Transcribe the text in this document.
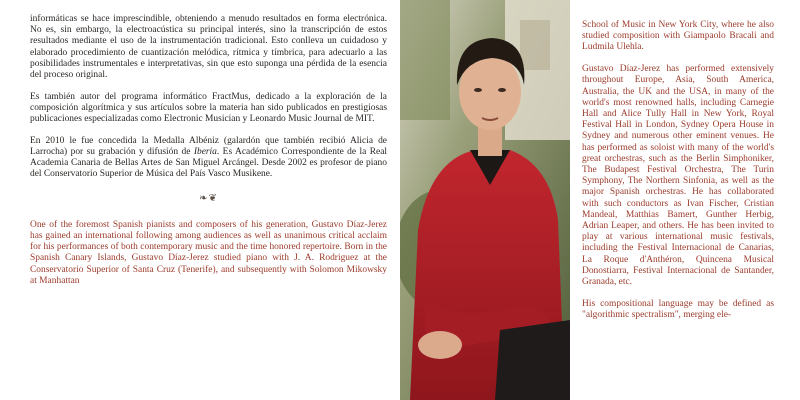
informáticas se hace imprescindible, obteniendo a menudo resultados en forma electrónica. No es, sin embargo, la electroacústica su principal interés, sino la transcripción de estos resultados mediante el uso de la instrumentación tradicional. Esto conlleva un cuidadoso y elaborado procedimiento de cuantización melódica, rítmica y tímbrica, para adecuarlo a las posibilidades instrumentales e interpretativas, sin que esto suponga una pérdida de la esencia del proceso original.

Es también autor del programa informático FractMus, dedicado a la exploración de la composición algorítmica y sus artículos sobre la materia han sido publicados en prestigiosas publicaciones especializadas como Electronic Musician y Leonardo Music Journal de MIT.

En 2010 le fue concedida la Medalla Albéniz (galardón que también recibió Alicia de Larrocha) por su grabación y difusión de Iberia. Es Académico Correspondiente de la Real Academia Canaria de Bellas Artes de San Miguel Arcángel. Desde 2002 es profesor de piano del Conservatorio Superior de Música del País Vasco Musikene.

❧❦

One of the foremost Spanish pianists and composers of his generation, Gustavo Díaz-Jerez has gained an international following among audiences as well as unanimous critical acclaim for his performances of both contemporary music and the time honored repertoire. Born in the Spanish Canary Islands, Gustavo Díaz-Jerez studied piano with J. A. Rodriguez at the Conservatorio Superior of Santa Cruz (Tenerife), and subsequently with Solomon Mikowsky at Manhattan

School of Music in New York City, where he also studied composition with Giampaolo Bracali and Ludmila Ulehla.

Gustavo Díaz-Jerez has performed extensively throughout Europe, Asia, South America, Australia, the UK and the USA, in many of the world's most renowned halls, including Carnegie Hall and Alice Tully Hall in New York, Royal Festival Hall in London, Sydney Opera House in Sydney and numerous other eminent venues. He has performed as soloist with many of the world's great orchestras, such as the Berlin Simphoniker, The Budapest Festival Orchestra, The Turin Symphony, The Northern Sinfonia, as well as the major Spanish orchestras. He has collaborated with such conductors as Ivan Fischer, Cristian Mandeal, Matthias Bamert, Gunther Herbig, Adrian Leaper, and others. He has been invited to play at various international music festivals, including the Festival Internacional de Canarias, La Roque d'Anthéron, Quincena Musical Donostiarra, Festival Internacional de Santander, Granada, etc.

His compositional language may be defined as "algorithmic spectralism", merging ele-
